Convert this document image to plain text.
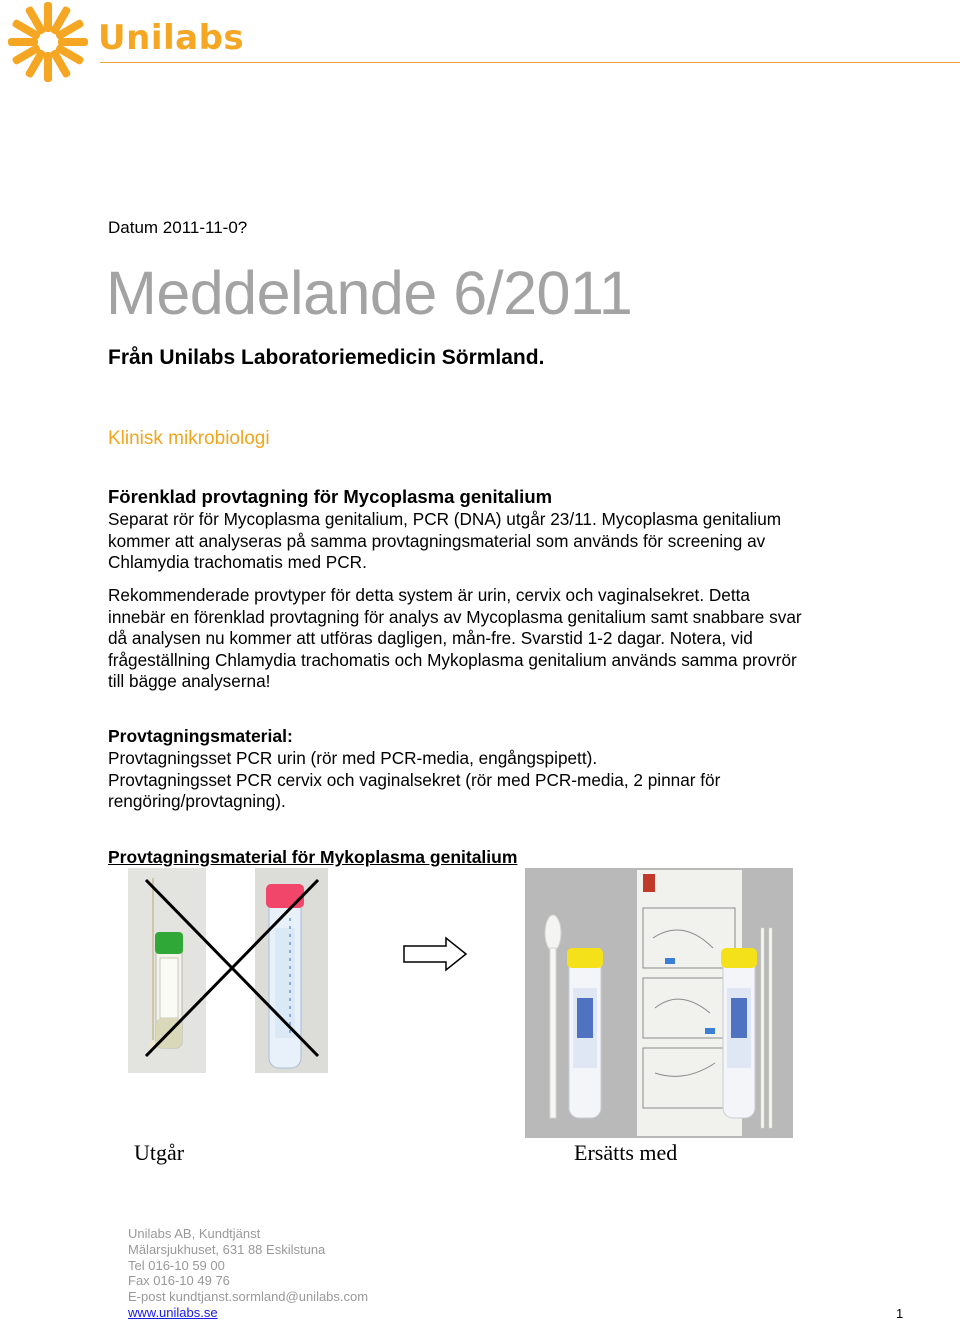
Unilabs
Datum 2011-11-0?
Meddelande 6/2011
Från Unilabs Laboratoriemedicin Sörmland.
Klinisk mikrobiologi
Förenklad provtagning för Mycoplasma genitalium
Separat rör för Mycoplasma genitalium, PCR (DNA) utgår 23/11. Mycoplasma genitalium
kommer att analyseras på samma provtagningsmaterial som används för screening av
Chlamydia trachomatis med PCR.
Rekommenderade provtyper för detta system är urin, cervix och vaginalsekret. Detta
innebär en förenklad provtagning för analys av Mycoplasma genitalium samt snabbare svar
då analysen nu kommer att utföras dagligen, mån-fre. Svarstid 1-2 dagar. Notera, vid
frågeställning Chlamydia trachomatis och Mykoplasma genitalium används samma provrör
till bägge analyserna!
Provtagningsmaterial:
Provtagningsset PCR urin (rör med PCR-media, engångspipett).
Provtagningsset PCR cervix och vaginalsekret (rör med PCR-media, 2 pinnar för
rengöring/provtagning).
Provtagningsmaterial för Mykoplasma genitalium
Utgår	Ersätts med
Unilabs AB, Kundtjänst
Mälarsjukhuset, 631 88 Eskilstuna
Tel 016-10 59 00
Fax 016-10 49 76
E-post kundtjanst.sormland@unilabs.com
www.unilabs.se	1
